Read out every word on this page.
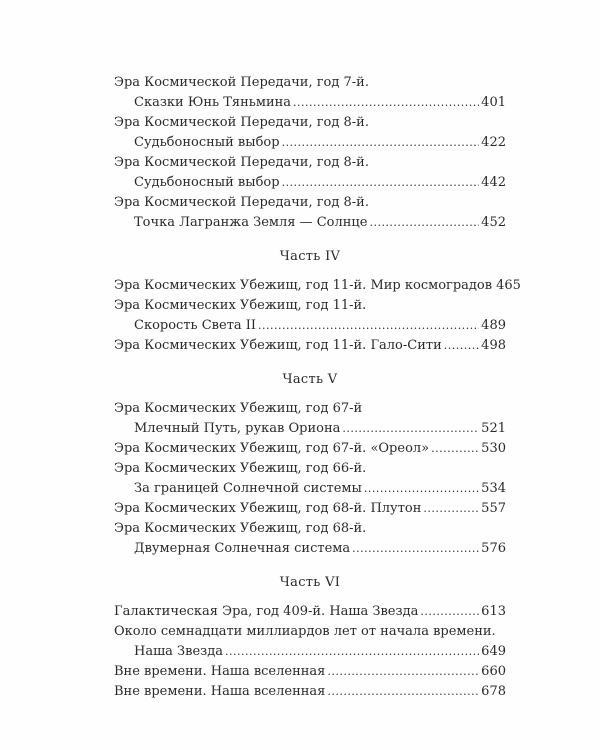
Эра Космической Передачи, год 7-й.
Сказки Юнь Тяньмина . . .	401
Эра Космической Передачи, год 8-й.
Судьбоносный выбор . . .	422
Эра Космической Передачи, год 8-й.
Судьбоносный выбор . . .	442
Эра Космической Передачи, год 8-й.
Точка Лагранжа Земля — Солнце . . .	452
Часть IV
Эра Космических Убежищ, год 11-й. Мир космоградов 465
Эра Космических Убежищ, год 11-й.
Скорость Света II . . .	489
Эра Космических Убежищ, год 11-й. Гало-Сити . . .	498
Часть V
Эра Космических Убежищ, год 67-й
Млечный Путь, рукав Ориона . . .	521
Эра Космических Убежищ, год 67-й. «Ореол» . . .	530
Эра Космических Убежищ, год 66-й.
За границей Солнечной системы . . .	534
Эра Космических Убежищ, год 68-й. Плутон . . .	557
Эра Космических Убежищ, год 68-й.
Двумерная Солнечная система . . .	576
Часть VI
Галактическая Эра, год 409-й. Наша Звезда . . .	613
Около семнадцати миллиардов лет от начала времени.
Наша Звезда . . .	649
Вне времени. Наша вселенная . . .	660
Вне времени. Наша вселенная . . .	678
